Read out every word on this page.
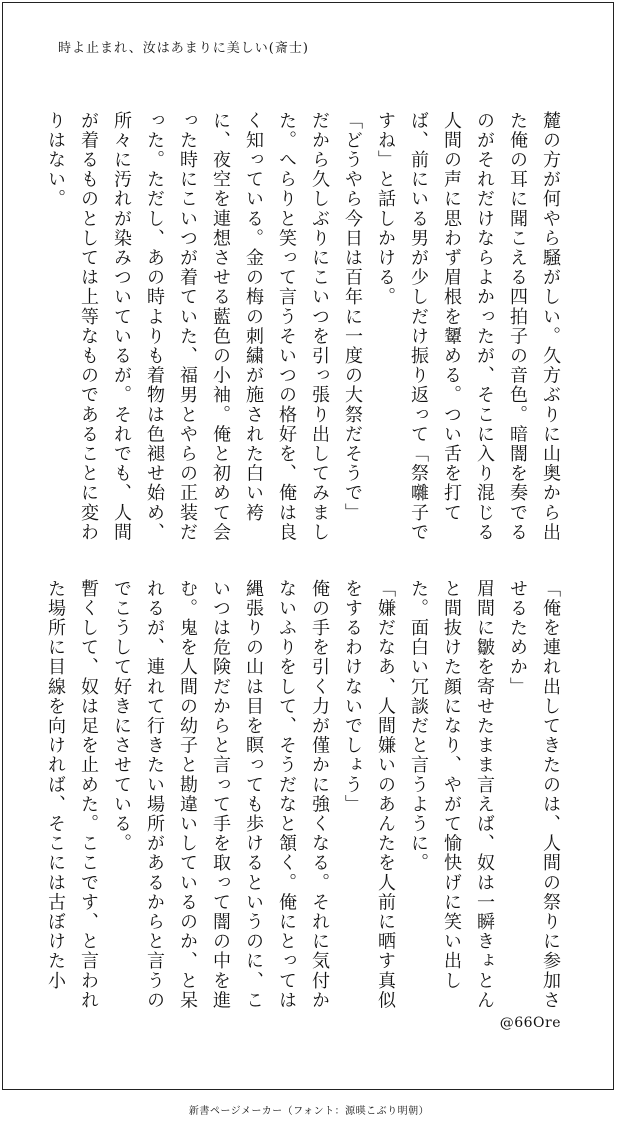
時よ止まれ、汝はあまりに美しい(斎士)
麓の方が何やら騒がしい。久方ぶりに山奥から出た俺の耳に聞こえる四拍子の音色。暗闇を奏でるのがそれだけならよかったが、そこに入り混じる人間の声に思わず眉根を顰める。つい舌を打てば、前にいる男が少しだけ振り返って「祭囃子ですね」と話しかける。
「どうやら今日は百年に一度の大祭だそうで」
だから久しぶりにこいつを引っ張り出してみました。へらりと笑って言うそいつの格好を、俺は良く知っている。金の梅の刺繍が施された白い袴に、夜空を連想させる藍色の小袖。俺と初めて会った時にこいつが着ていた、福男とやらの正装だった。ただし、あの時よりも着物は色褪せ始め、所々に汚れが染みついているが。それでも、人間が着るものとしては上等なものであることに変わりはない。
「俺を連れ出してきたのは、人間の祭りに参加させるためか」
眉間に皺を寄せたまま言えば、奴は一瞬きょとんと間抜けた顔になり、やがて愉快げに笑い出した。面白い冗談だと言うように。
「嫌だなあ、人間嫌いのあんたを人前に晒す真似をするわけないでしょう」
俺の手を引く力が僅かに強くなる。それに気付かないふりをして、そうだなと頷く。俺にとっては縄張りの山は目を瞑っても歩けるというのに、こいつは危険だからと言って手を取って闇の中を進む。鬼を人間の幼子と勘違いしているのか、と呆れるが、連れて行きたい場所があるからと言うのでこうして好きにさせている。
暫くして、奴は足を止めた。ここです、と言われた場所に目線を向ければ、そこには古ぼけた小
@66Ore
新書ページメーカー（フォント：源暎こぶり明朝）
